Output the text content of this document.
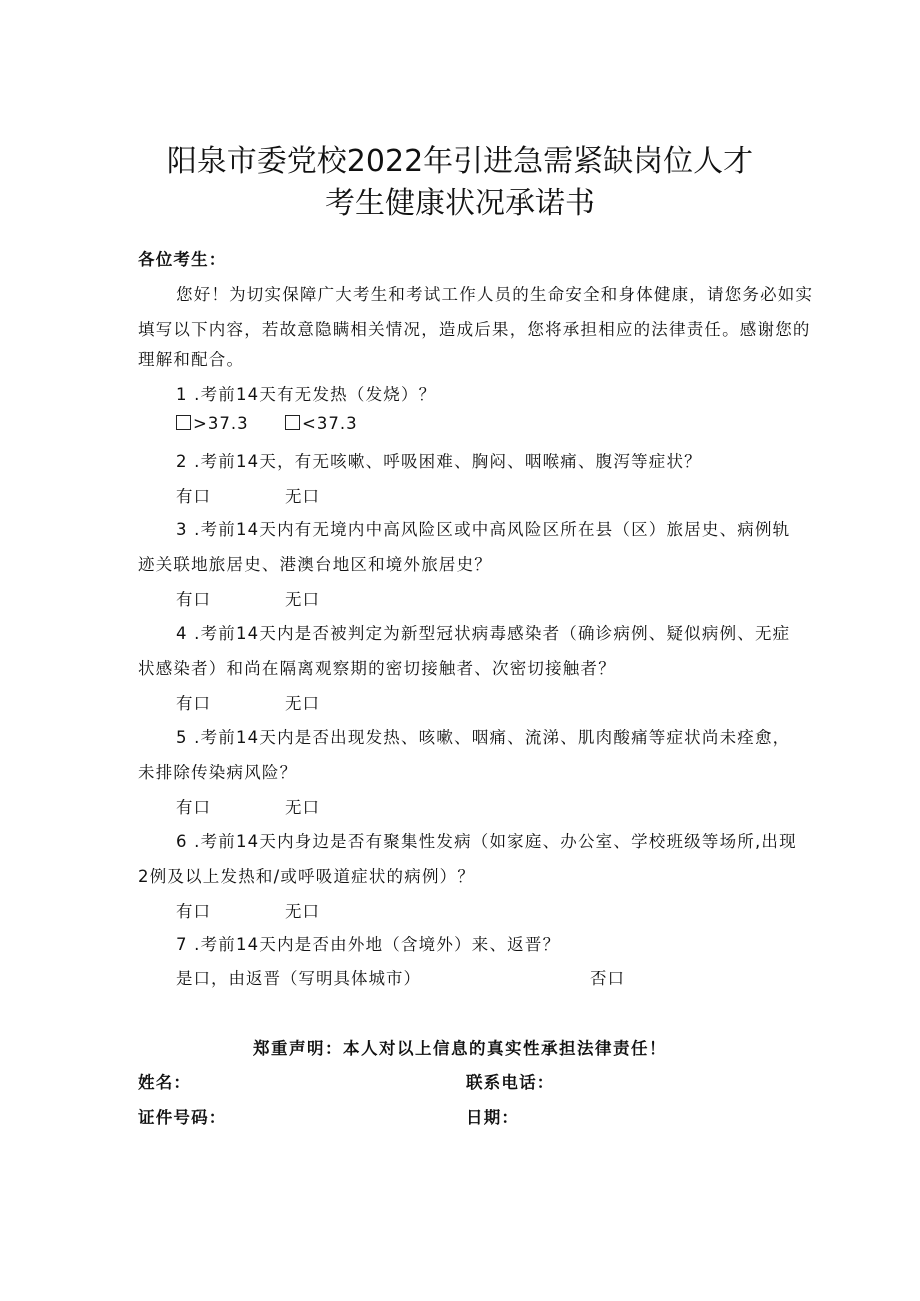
阳泉市委党校2022年引进急需紧缺岗位人才
考生健康状况承诺书
各位考生：
您好！为切实保障广大考生和考试工作人员的生命安全和身体健康，请您务必如实
填写以下内容，若故意隐瞒相关情况，造成后果，您将承担相应的法律责任。感谢您的
理解和配合。
1 .考前14天有无发热（发烧）？
>37.3	<37.3
2 .考前14天，有无咳嗽、呼吸困难、胸闷、咽喉痛、腹泻等症状？
有口	无口
3 .考前14天内有无境内中高风险区或中高风险区所在县（区）旅居史、病例轨
迹关联地旅居史、港澳台地区和境外旅居史？
有口	无口
4 .考前14天内是否被判定为新型冠状病毒感染者（确诊病例、疑似病例、无症
状感染者）和尚在隔离观察期的密切接触者、次密切接触者？
有口	无口
5 .考前14天内是否出现发热、咳嗽、咽痛、流涕、肌肉酸痛等症状尚未痊愈，
未排除传染病风险？
有口	无口
6 .考前14天内身边是否有聚集性发病（如家庭、办公室、学校班级等场所,出现
2例及以上发热和/或呼吸道症状的病例）？
有口	无口
7 .考前14天内是否由外地（含境外）来、返晋？
是口，由返晋（写明具体城市）	否口
郑重声明：本人对以上信息的真实性承担法律责任！
姓名：	联系电话：
证件号码：	日期：
